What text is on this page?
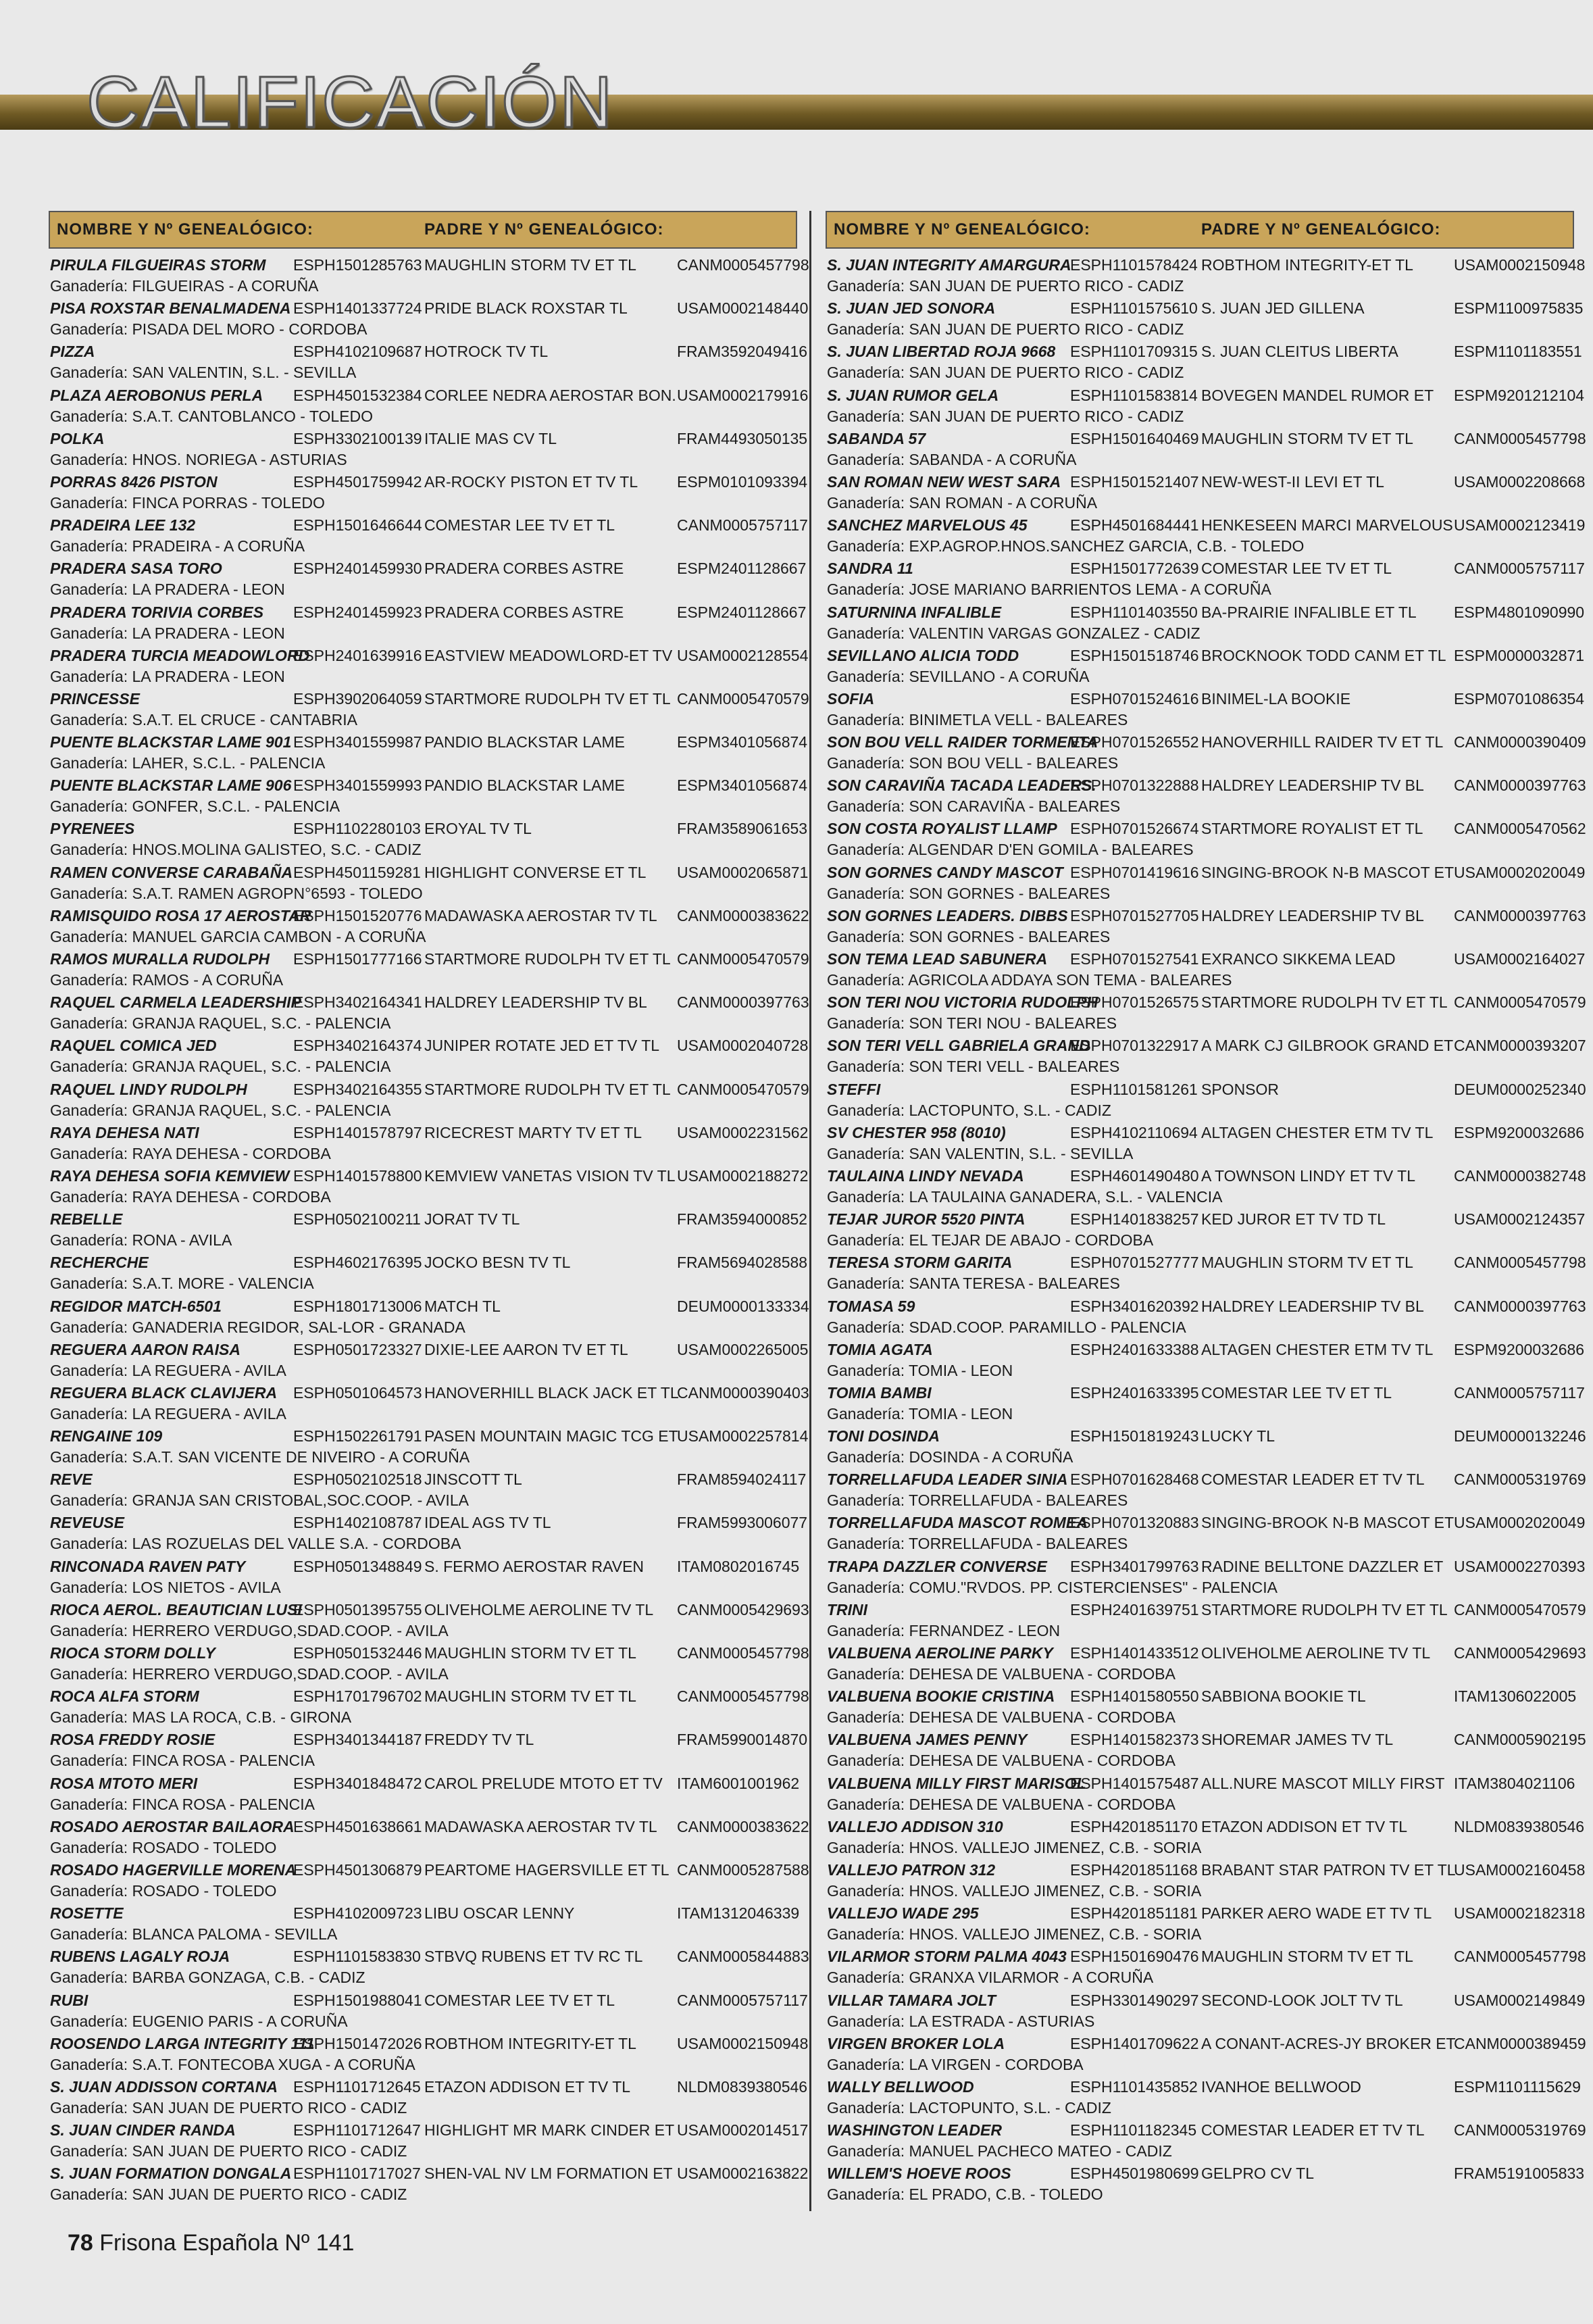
CALIFICACIÓN
NOMBRE Y Nº GENEALÓGICO:	PADRE Y Nº GENEALÓGICO:
PIRULA FILGUEIRAS STORM	ESPH1501285763 MAUGHLIN STORM TV ET TL	CANM0005457798
Ganadería: FILGUEIRAS - A CORUÑA
PISA ROXSTAR BENALMADENA ESPH1401337724 PRIDE BLACK ROXSTAR TL	USAM0002148440
Ganadería: PISADA DEL MORO - CORDOBA
PIZZA	ESPH4102109687 HOTROCK TV TL	FRAM3592049416
Ganadería: SAN VALENTIN, S.L. - SEVILLA
PLAZA AEROBONUS PERLA	ESPH4501532384 CORLEE NEDRA AEROSTAR BON. USAM0002179916
Ganadería: S.A.T. CANTOBLANCO - TOLEDO
POLKA	ESPH3302100139 ITALIE MAS CV TL	FRAM4493050135
Ganadería: HNOS. NORIEGA - ASTURIAS
PORRAS 8426 PISTON	ESPH4501759942 AR-ROCKY PISTON ET TV TL	ESPM0101093394
Ganadería: FINCA PORRAS - TOLEDO
PRADEIRA LEE 132	ESPH1501646644 COMESTAR LEE TV ET TL	CANM0005757117
Ganadería: PRADEIRA - A CORUÑA
PRADERA SASA TORO	ESPH2401459930 PRADERA CORBES ASTRE	ESPM2401128667
Ganadería: LA PRADERA - LEON
PRADERA TORIVIA CORBES	ESPH2401459923 PRADERA CORBES ASTRE	ESPM2401128667
Ganadería: LA PRADERA - LEON
PRADERA TURCIA MEADOWLORD
ESPH2401639916 EASTVIEW MEADOWLORD-ET TV USAM0002128554
Ganadería: LA PRADERA - LEON
PRINCESSE	ESPH3902064059 STARTMORE RUDOLPH TV ET TL CANM0005470579
Ganadería: S.A.T. EL CRUCE - CANTABRIA
PUENTE BLACKSTAR LAME 901 ESPH3401559987 PANDIO BLACKSTAR LAME	ESPM3401056874
Ganadería: LAHER, S.C.L. - PALENCIA
PUENTE BLACKSTAR LAME 906 ESPH3401559993 PANDIO BLACKSTAR LAME	ESPM3401056874
Ganadería: GONFER, S.C.L. - PALENCIA
PYRENEES	ESPH1102280103 EROYAL TV TL	FRAM3589061653
Ganadería: HNOS.MOLINA GALISTEO, S.C. - CADIZ
RAMEN CONVERSE CARABAÑA ESPH4501159281 HIGHLIGHT CONVERSE ET TL	USAM0002065871
Ganadería: S.A.T. RAMEN AGROPN°6593 - TOLEDO
RAMISQUIDO ROSA 17 AEROSTAR
ESPH1501520776 MADAWASKA AEROSTAR TV TL	CANM0000383622
Ganadería: MANUEL GARCIA CAMBON - A CORUÑA
RAMOS MURALLA RUDOLPH	ESPH1501777166 STARTMORE RUDOLPH TV ET TL CANM0005470579
Ganadería: RAMOS - A CORUÑA
RAQUEL CARMELA LEADERSHIP
ESPH3402164341 HALDREY LEADERSHIP TV BL	CANM0000397763
Ganadería: GRANJA RAQUEL, S.C. - PALENCIA
RAQUEL COMICA JED	ESPH3402164374 JUNIPER ROTATE JED ET TV TL	USAM0002040728
Ganadería: GRANJA RAQUEL, S.C. - PALENCIA
RAQUEL LINDY RUDOLPH	ESPH3402164355 STARTMORE RUDOLPH TV ET TL CANM0005470579
Ganadería: GRANJA RAQUEL, S.C. - PALENCIA
RAYA DEHESA NATI	ESPH1401578797 RICECREST MARTY TV ET TL	USAM0002231562
Ganadería: RAYA DEHESA - CORDOBA
RAYA DEHESA SOFIA KEMVIEW ESPH1401578800 KEMVIEW VANETAS VISION TV TL USAM0002188272
Ganadería: RAYA DEHESA - CORDOBA
REBELLE	ESPH0502100211 JORAT TV TL	FRAM3594000852
Ganadería: RONA - AVILA
RECHERCHE	ESPH4602176395 JOCKO BESN TV TL	FRAM5694028588
Ganadería: S.A.T. MORE - VALENCIA
REGIDOR MATCH-6501	ESPH1801713006 MATCH TL	DEUM0000133334
Ganadería: GANADERIA REGIDOR, SAL-LOR - GRANADA
REGUERA AARON RAISA	ESPH0501723327 DIXIE-LEE AARON TV ET TL	USAM0002265005
Ganadería: LA REGUERA - AVILA
REGUERA BLACK CLAVIJERA	ESPH0501064573 HANOVERHILL BLACK JACK ET TL
CANM0000390403
Ganadería: LA REGUERA - AVILA
RENGAINE 109	ESPH1502261791 PASEN MOUNTAIN MAGIC TCG ET
USAM0002257814
Ganadería: S.A.T. SAN VICENTE DE NIVEIRO - A CORUÑA
REVE	ESPH0502102518 JINSCOTT TL	FRAM8594024117
Ganadería: GRANJA SAN CRISTOBAL,SOC.COOP. - AVILA
REVEUSE	ESPH1402108787 IDEAL AGS TV TL	FRAM5993006077
Ganadería: LAS ROZUELAS DEL VALLE S.A. - CORDOBA
RINCONADA RAVEN PATY	ESPH0501348849 S. FERMO AEROSTAR RAVEN	ITAM0802016745
Ganadería: LOS NIETOS - AVILA
RIOCA AEROL. BEAUTICIAN LUSI
ESPH0501395755 OLIVEHOLME AEROLINE TV TL	CANM0005429693
Ganadería: HERRERO VERDUGO,SDAD.COOP. - AVILA
RIOCA STORM DOLLY	ESPH0501532446 MAUGHLIN STORM TV ET TL	CANM0005457798
Ganadería: HERRERO VERDUGO,SDAD.COOP. - AVILA
ROCA ALFA STORM	ESPH1701796702 MAUGHLIN STORM TV ET TL	CANM0005457798
Ganadería: MAS LA ROCA, C.B. - GIRONA
ROSA FREDDY ROSIE	ESPH3401344187 FREDDY TV TL	FRAM5990014870
Ganadería: FINCA ROSA - PALENCIA
ROSA MTOTO MERI	ESPH3401848472 CAROL PRELUDE MTOTO ET TV ITAM6001001962
Ganadería: FINCA ROSA - PALENCIA
ROSADO AEROSTAR BAILAORA
ESPH4501638661 MADAWASKA AEROSTAR TV TL	CANM0000383622
Ganadería: ROSADO - TOLEDO
ROSADO HAGERVILLE MORENA
ESPH4501306879 PEARTOME HAGERSVILLE ET TL CANM0005287588
Ganadería: ROSADO - TOLEDO
ROSETTE	ESPH4102009723 LIBU OSCAR LENNY	ITAM1312046339
Ganadería: BLANCA PALOMA - SEVILLA
RUBENS LAGALY ROJA	ESPH1101583830 STBVQ RUBENS ET TV RC TL	CANM0005844883
Ganadería: BARBA GONZAGA, C.B. - CADIZ
RUBI	ESPH1501988041 COMESTAR LEE TV ET TL	CANM0005757117
Ganadería: EUGENIO PARIS - A CORUÑA
ROOSENDO LARGA INTEGRITY 111
ESPH1501472026 ROBTHOM INTEGRITY-ET TL	USAM0002150948
Ganadería: S.A.T. FONTECOBA XUGA - A CORUÑA
S. JUAN ADDISSON CORTANA	ESPH1101712645 ETAZON ADDISON ET TV TL	NLDM0839380546
Ganadería: SAN JUAN DE PUERTO RICO - CADIZ
S. JUAN CINDER RANDA	ESPH1101712647 HIGHLIGHT MR MARK CINDER ET USAM0002014517
Ganadería: SAN JUAN DE PUERTO RICO - CADIZ
S. JUAN FORMATION DONGALA ESPH1101717027 SHEN-VAL NV LM FORMATION ET USAM0002163822
Ganadería: SAN JUAN DE PUERTO RICO - CADIZ
NOMBRE Y Nº GENEALÓGICO:	PADRE Y Nº GENEALÓGICO:
S. JUAN INTEGRITY AMARGURA
ESPH1101578424 ROBTHOM INTEGRITY-ET TL	USAM0002150948
Ganadería: SAN JUAN DE PUERTO RICO - CADIZ
S. JUAN JED SONORA	ESPH1101575610 S. JUAN JED GILLENA	ESPM1100975835
Ganadería: SAN JUAN DE PUERTO RICO - CADIZ
S. JUAN LIBERTAD ROJA 9668 ESPH1101709315 S. JUAN CLEITUS LIBERTA	ESPM1101183551
Ganadería: SAN JUAN DE PUERTO RICO - CADIZ
S. JUAN RUMOR GELA	ESPH1101583814 BOVEGEN MANDEL RUMOR ET	ESPM9201212104
Ganadería: SAN JUAN DE PUERTO RICO - CADIZ
SABANDA 57	ESPH1501640469 MAUGHLIN STORM TV ET TL	CANM0005457798
Ganadería: SABANDA - A CORUÑA
SAN ROMAN NEW WEST SARA ESPH1501521407 NEW-WEST-II LEVI ET TL	USAM0002208668
Ganadería: SAN ROMAN - A CORUÑA
SANCHEZ MARVELOUS 45	ESPH4501684441 HENKESEEN MARCI MARVELOUS USAM0002123419
Ganadería: EXP.AGROP.HNOS.SANCHEZ GARCIA, C.B. - TOLEDO
SANDRA 11	ESPH1501772639 COMESTAR LEE TV ET TL	CANM0005757117
Ganadería: JOSE MARIANO BARRIENTOS LEMA - A CORUÑA
SATURNINA INFALIBLE	ESPH1101403550 BA-PRAIRIE INFALIBLE ET TL	ESPM4801090990
Ganadería: VALENTIN VARGAS GONZALEZ - CADIZ
SEVILLANO ALICIA TODD	ESPH1501518746 BROCKNOOK TODD CANM ET TL ESPM0000032871
Ganadería: SEVILLANO - A CORUÑA
SOFIA	ESPH0701524616 BINIMEL-LA BOOKIE	ESPM0701086354
Ganadería: BINIMETLA VELL - BALEARES
SON BOU VELL RAIDER TORMENTA
ESPH0701526552 HANOVERHILL RAIDER TV ET TL CANM0000390409
Ganadería: SON BOU VELL - BALEARES
SON CARAVIÑA TACADA LEADERS.
ESPH0701322888 HALDREY LEADERSHIP TV BL	CANM0000397763
Ganadería: SON CARAVIÑA - BALEARES
SON COSTA ROYALIST LLAMP ESPH0701526674 STARTMORE ROYALIST ET TL	CANM0005470562
Ganadería: ALGENDAR D'EN GOMILA - BALEARES
SON GORNES CANDY MASCOT ESPH0701419616 SINGING-BROOK N-B MASCOT ET USAM0002020049
Ganadería: SON GORNES - BALEARES
SON GORNES LEADERS. DIBBS ESPH0701527705 HALDREY LEADERSHIP TV BL	CANM0000397763
Ganadería: SON GORNES - BALEARES
SON TEMA LEAD SABUNERA	ESPH0701527541 EXRANCO SIKKEMA LEAD	USAM0002164027
Ganadería: AGRICOLA ADDAYA SON TEMA - BALEARES
SON TERI NOU VICTORIA RUDOLPH
ESPH0701526575 STARTMORE RUDOLPH TV ET TL CANM0005470579
Ganadería: SON TERI NOU - BALEARES
SON TERI VELL GABRIELA GRAND
ESPH0701322917 A MARK CJ GILBROOK GRAND ET CANM0000393207
Ganadería: SON TERI VELL - BALEARES
STEFFI	ESPH1101581261 SPONSOR	DEUM0000252340
Ganadería: LACTOPUNTO, S.L. - CADIZ
SV CHESTER 958 (8010)	ESPH4102110694 ALTAGEN CHESTER ETM TV TL	ESPM9200032686
Ganadería: SAN VALENTIN, S.L. - SEVILLA
TAULAINA LINDY NEVADA	ESPH4601490480 A TOWNSON LINDY ET TV TL	CANM0000382748
Ganadería: LA TAULAINA GANADERA, S.L. - VALENCIA
TEJAR JUROR 5520 PINTA	ESPH1401838257 KED JUROR ET TV TD TL	USAM0002124357
Ganadería: EL TEJAR DE ABAJO - CORDOBA
TERESA STORM GARITA	ESPH0701527777 MAUGHLIN STORM TV ET TL	CANM0005457798
Ganadería: SANTA TERESA - BALEARES
TOMASA 59	ESPH3401620392 HALDREY LEADERSHIP TV BL	CANM0000397763
Ganadería: SDAD.COOP. PARAMILLO - PALENCIA
TOMIA AGATA	ESPH2401633388 ALTAGEN CHESTER ETM TV TL	ESPM9200032686
Ganadería: TOMIA - LEON
TOMIA BAMBI	ESPH2401633395 COMESTAR LEE TV ET TL	CANM0005757117
Ganadería: TOMIA - LEON
TONI DOSINDA	ESPH1501819243 LUCKY TL	DEUM0000132246
Ganadería: DOSINDA - A CORUÑA
TORRELLAFUDA LEADER SINIA ESPH0701628468 COMESTAR LEADER ET TV TL	CANM0005319769
Ganadería: TORRELLAFUDA - BALEARES
TORRELLAFUDA MASCOT ROMEA
ESPH0701320883 SINGING-BROOK N-B MASCOT ET USAM0002020049
Ganadería: TORRELLAFUDA - BALEARES
TRAPA DAZZLER CONVERSE	ESPH3401799763 RADINE BELLTONE DAZZLER ET USAM0002270393
Ganadería: COMU."RVDOS. PP. CISTERCIENSES" - PALENCIA
TRINI	ESPH2401639751 STARTMORE RUDOLPH TV ET TL CANM0005470579
Ganadería: FERNANDEZ - LEON
VALBUENA AEROLINE PARKY	ESPH1401433512 OLIVEHOLME AEROLINE TV TL	CANM0005429693
Ganadería: DEHESA DE VALBUENA - CORDOBA
VALBUENA BOOKIE CRISTINA ESPH1401580550 SABBIONA BOOKIE TL	ITAM1306022005
Ganadería: DEHESA DE VALBUENA - CORDOBA
VALBUENA JAMES PENNY	ESPH1401582373 SHOREMAR JAMES TV TL	CANM0005902195
Ganadería: DEHESA DE VALBUENA - CORDOBA
VALBUENA MILLY FIRST MARISOL
ESPH1401575487 ALL.NURE MASCOT MILLY FIRST ITAM3804021106
Ganadería: DEHESA DE VALBUENA - CORDOBA
VALLEJO ADDISON 310	ESPH4201851170 ETAZON ADDISON ET TV TL	NLDM0839380546
Ganadería: HNOS. VALLEJO JIMENEZ, C.B. - SORIA
VALLEJO PATRON 312	ESPH4201851168 BRABANT STAR PATRON TV ET TL
USAM0002160458
Ganadería: HNOS. VALLEJO JIMENEZ, C.B. - SORIA
VALLEJO WADE 295	ESPH4201851181 PARKER AERO WADE ET TV TL	USAM0002182318
Ganadería: HNOS. VALLEJO JIMENEZ, C.B. - SORIA
VILARMOR STORM PALMA 4043 ESPH1501690476 MAUGHLIN STORM TV ET TL	CANM0005457798
Ganadería: GRANXA VILARMOR - A CORUÑA
VILLAR TAMARA JOLT	ESPH3301490297 SECOND-LOOK JOLT TV TL	USAM0002149849
Ganadería: LA ESTRADA - ASTURIAS
VIRGEN BROKER LOLA	ESPH1401709622 A CONANT-ACRES-JY BROKER ET
CANM0000389459
Ganadería: LA VIRGEN - CORDOBA
WALLY BELLWOOD	ESPH1101435852 IVANHOE BELLWOOD	ESPM1101115629
Ganadería: LACTOPUNTO, S.L. - CADIZ
WASHINGTON LEADER	ESPH1101182345 COMESTAR LEADER ET TV TL	CANM0005319769
Ganadería: MANUEL PACHECO MATEO - CADIZ
WILLEM'S HOEVE ROOS	ESPH4501980699 GELPRO CV TL	FRAM5191005833
Ganadería: EL PRADO, C.B. - TOLEDO
78 Frisona Española Nº 141
